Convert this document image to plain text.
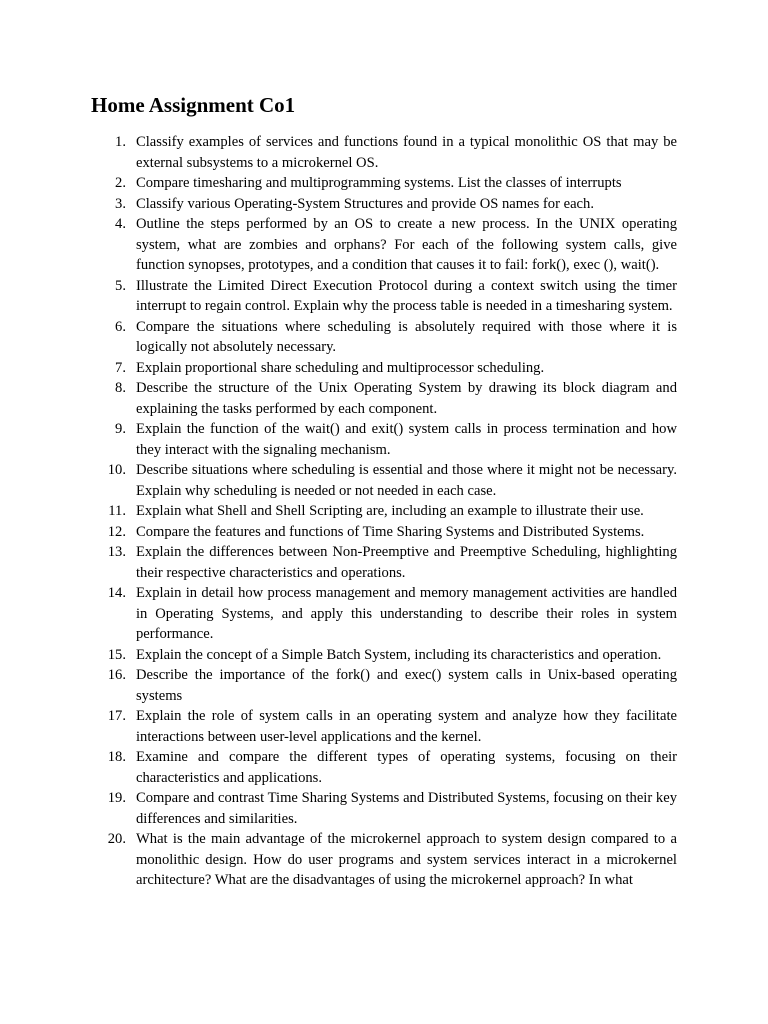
Home Assignment Co1
1. Classify examples of services and functions found in a typical monolithic OS that may be external subsystems to a microkernel OS.
2. Compare timesharing and multiprogramming systems. List the classes of interrupts
3. Classify various Operating-System Structures and provide OS names for each.
4. Outline the steps performed by an OS to create a new process. In the UNIX operating system, what are zombies and orphans? For each of the following system calls, give function synopses, prototypes, and a condition that causes it to fail: fork(), exec (), wait().
5. Illustrate the Limited Direct Execution Protocol during a context switch using the timer interrupt to regain control. Explain why the process table is needed in a timesharing system.
6. Compare the situations where scheduling is absolutely required with those where it is logically not absolutely necessary.
7. Explain proportional share scheduling and multiprocessor scheduling.
8. Describe the structure of the Unix Operating System by drawing its block diagram and explaining the tasks performed by each component.
9. Explain the function of the wait() and exit() system calls in process termination and how they interact with the signaling mechanism.
10. Describe situations where scheduling is essential and those where it might not be necessary. Explain why scheduling is needed or not needed in each case.
11. Explain what Shell and Shell Scripting are, including an example to illustrate their use.
12. Compare the features and functions of Time Sharing Systems and Distributed Systems.
13. Explain the differences between Non-Preemptive and Preemptive Scheduling, highlighting their respective characteristics and operations.
14. Explain in detail how process management and memory management activities are handled in Operating Systems, and apply this understanding to describe their roles in system performance.
15. Explain the concept of a Simple Batch System, including its characteristics and operation.
16. Describe the importance of the fork() and exec() system calls in Unix-based operating systems
17. Explain the role of system calls in an operating system and analyze how they facilitate interactions between user-level applications and the kernel.
18. Examine and compare the different types of operating systems, focusing on their characteristics and applications.
19. Compare and contrast Time Sharing Systems and Distributed Systems, focusing on their key differences and similarities.
20. What is the main advantage of the microkernel approach to system design compared to a monolithic design. How do user programs and system services interact in a microkernel architecture? What are the disadvantages of using the microkernel approach? In what
